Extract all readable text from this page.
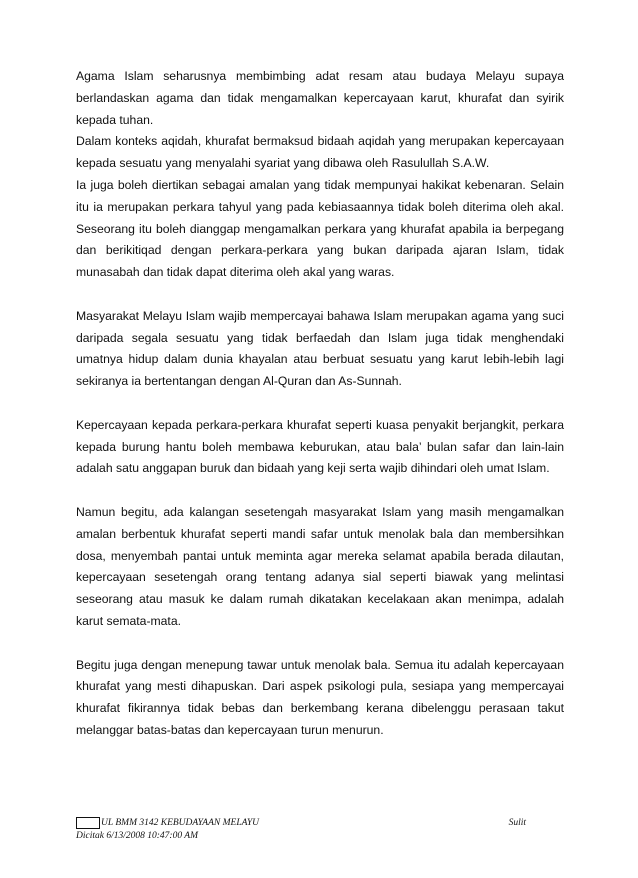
Agama Islam seharusnya membimbing adat resam atau budaya Melayu supaya berlandaskan agama dan tidak mengamalkan kepercayaan karut, khurafat dan syirik kepada tuhan.

Dalam konteks aqidah, khurafat bermaksud bidaah aqidah yang merupakan kepercayaan kepada sesuatu yang menyalahi syariat yang dibawa oleh Rasulullah S.A.W.

Ia juga boleh diertikan sebagai amalan yang tidak mempunyai hakikat kebenaran. Selain itu ia merupakan perkara tahyul yang pada kebiasaannya tidak boleh diterima oleh akal. Seseorang itu boleh dianggap mengamalkan perkara yang khurafat apabila ia berpegang dan berikitiqad dengan perkara-perkara yang bukan daripada ajaran Islam, tidak munasabah dan tidak dapat diterima oleh akal yang waras.

Masyarakat Melayu Islam wajib mempercayai bahawa Islam merupakan agama yang suci daripada segala sesuatu yang tidak berfaedah dan Islam juga tidak menghendaki umatnya hidup dalam dunia khayalan atau berbuat sesuatu yang karut lebih-lebih lagi sekiranya ia bertentangan dengan Al-Quran dan As-Sunnah.

Kepercayaan kepada perkara-perkara khurafat seperti kuasa penyakit berjangkit, perkara kepada burung hantu boleh membawa keburukan, atau bala’ bulan safar dan lain-lain adalah satu anggapan buruk dan bidaah yang keji serta wajib dihindari oleh umat Islam.

Namun begitu, ada kalangan sesetengah masyarakat Islam yang masih mengamalkan amalan berbentuk khurafat seperti mandi safar untuk menolak bala dan membersihkan dosa, menyembah pantai untuk meminta agar mereka selamat apabila berada dilautan, kepercayaan sesetengah orang tentang adanya sial seperti biawak yang melintasi seseorang atau masuk ke dalam rumah dikatakan kecelakaan akan menimpa, adalah karut semata-mata.

Begitu juga dengan menepung tawar untuk menolak bala. Semua itu adalah kepercayaan khurafat yang mesti dihapuskan. Dari aspek psikologi pula, sesiapa yang mempercayai khurafat fikirannya tidak bebas dan berkembang kerana dibelenggu perasaan takut melanggar batas-batas dan kepercayaan turun menurun.

UL BMM 3142 KEBUDAYAAN MELAYU	Sulit
Dicitak 6/13/2008 10:47:00 AM
